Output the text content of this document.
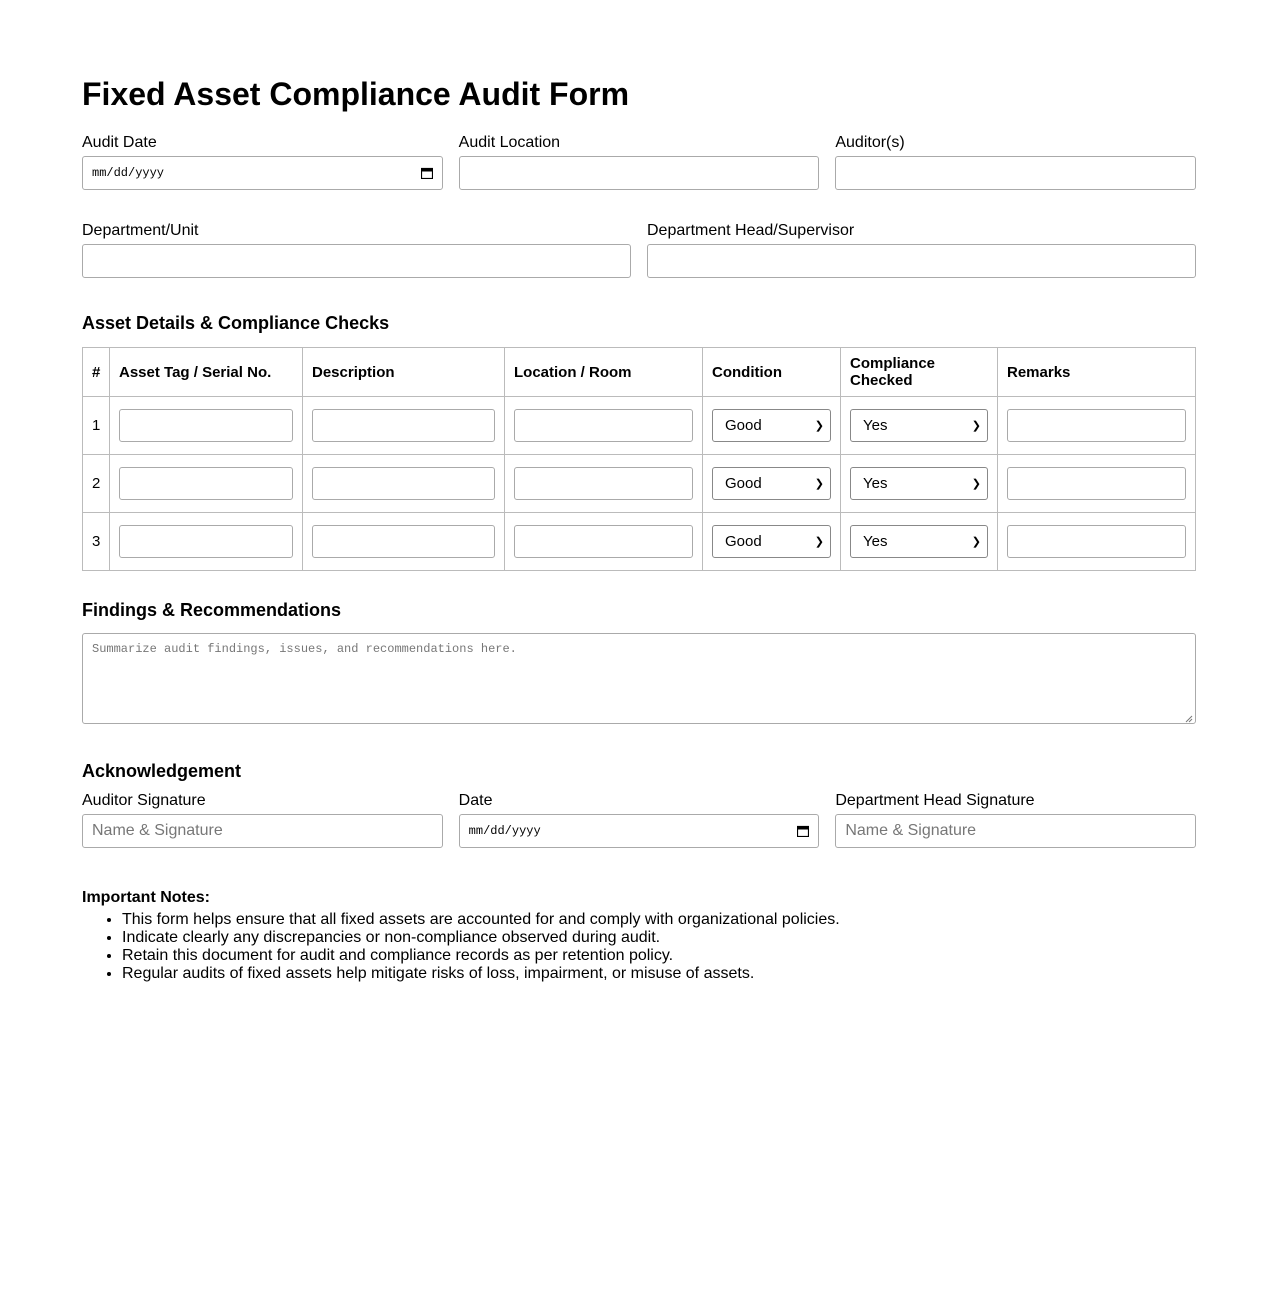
Fixed Asset Compliance Audit Form
Audit Date
mm/dd/yyyy
Audit Location	Auditor(s)
Department/Unit	Department Head/Supervisor
Asset Details & Compliance Checks
#	Asset Tag / Serial No.	Description	Location / Room	Condition	Compliance Checked	Remarks
1				Good ❯	Yes ❯	

2				Good ❯	Yes ❯	

3				Good ❯	Yes ❯	

Findings & Recommendations
Summarize audit findings, issues, and recommendations here.
Acknowledgement
Auditor Signature
Name & Signature
Date
mm/dd/yyyy
Department Head Signature
Name & Signature
Important Notes:
• This form helps ensure that all fixed assets are accounted for and comply with organizational policies.
• Indicate clearly any discrepancies or non-compliance observed during audit.
• Retain this document for audit and compliance records as per retention policy.
• Regular audits of fixed assets help mitigate risks of loss, impairment, or misuse of assets.
